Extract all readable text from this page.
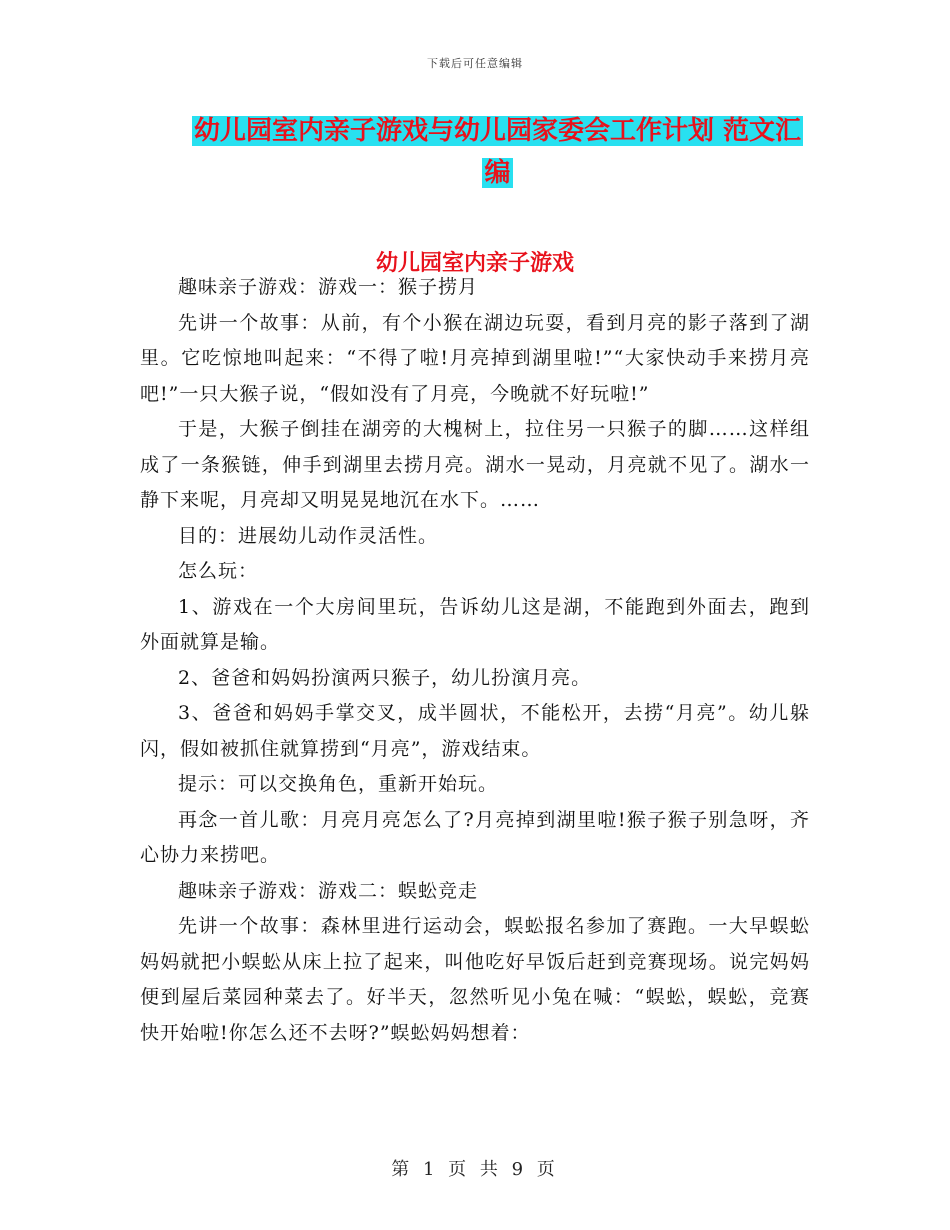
下载后可任意编辑
幼儿园室内亲子游戏与幼儿园家委会工作计划 范文汇
编
幼儿园室内亲子游戏

趣味亲子游戏：游戏一：猴子捞月

先讲一个故事：从前，有个小猴在湖边玩耍，看到月亮的影子落到了湖里。它吃惊地叫起来：“不得了啦!月亮掉到湖里啦!”“大家快动手来捞月亮吧!”一只大猴子说，“假如没有了月亮，今晚就不好玩啦!”

于是，大猴子倒挂在湖旁的大槐树上，拉住另一只猴子的脚……这样组成了一条猴链，伸手到湖里去捞月亮。湖水一晃动，月亮就不见了。湖水一静下来呢，月亮却又明晃晃地沉在水下。……

目的：进展幼儿动作灵活性。

怎么玩：

1、游戏在一个大房间里玩，告诉幼儿这是湖，不能跑到外面去，跑到外面就算是输。

2、爸爸和妈妈扮演两只猴子，幼儿扮演月亮。

3、爸爸和妈妈手掌交叉，成半圆状，不能松开，去捞“月亮”。幼儿躲闪，假如被抓住就算捞到“月亮”，游戏结束。

提示：可以交换角色，重新开始玩。

再念一首儿歌：月亮月亮怎么了?月亮掉到湖里啦!猴子猴子别急呀，齐心协力来捞吧。

趣味亲子游戏：游戏二：蜈蚣竞走

先讲一个故事：森林里进行运动会，蜈蚣报名参加了赛跑。一大早蜈蚣妈妈就把小蜈蚣从床上拉了起来，叫他吃好早饭后赶到竞赛现场。说完妈妈便到屋后菜园种菜去了。好半天，忽然听见小兔在喊：“蜈蚣，蜈蚣，竞赛快开始啦!你怎么还不去呀?”蜈蚣妈妈想着：

第 1 页 共 9 页
